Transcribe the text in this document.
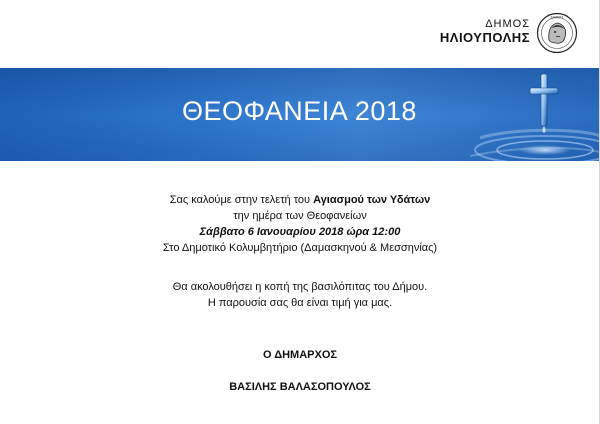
ΔΗΜΟΣ
ΗΛΙΟΥΠΟΛΗΣ
ΔΗΜΟΣ
ΘΕΟΦΑΝΕΙΑ 2018
Σας καλούμε στην τελετή του Αγιασμού των Υδάτων
την ημέρα των Θεοφανείων
Σάββατο 6 Ιανουαρίου 2018 ώρα 12:00
Στο Δημοτικό Κολυμβητήριο (Δαμασκηνού & Μεσσηνίας)
Θα ακολουθήσει η κοπή της βασιλόπιτας του Δήμου.
Η παρουσία σας θα είναι τιμή για μας.
Ο ΔΗΜΑΡΧΟΣ
ΒΑΣΙΛΗΣ ΒΑΛΑΣΟΠΟΥΛΟΣ
